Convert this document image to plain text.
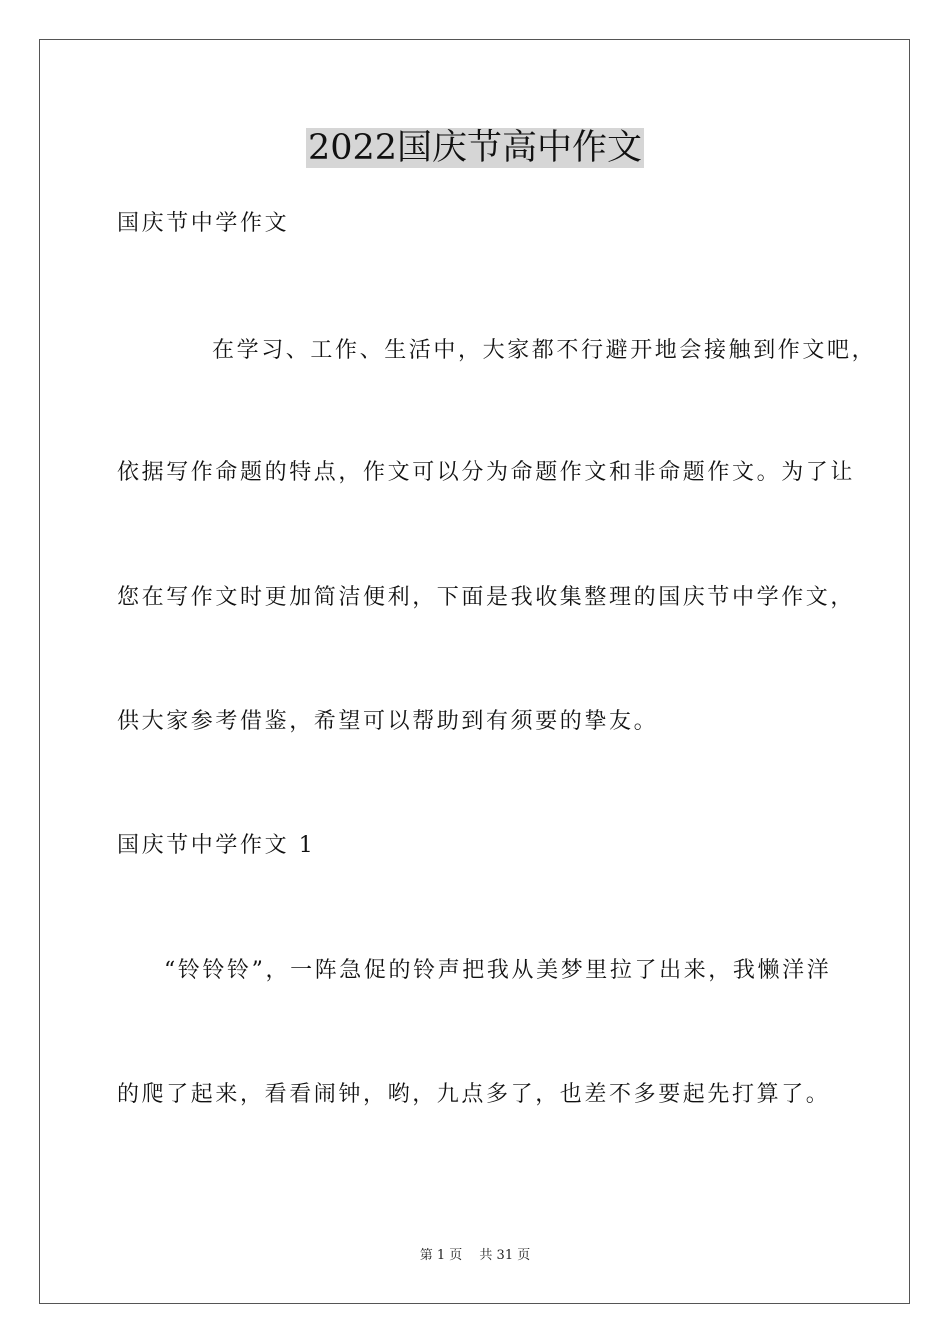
2022国庆节高中作文
国庆节中学作文
在学习、工作、生活中，大家都不行避开地会接触到作文吧，
依据写作命题的特点，作文可以分为命题作文和非命题作文。为了让
您在写作文时更加简洁便利，下面是我收集整理的国庆节中学作文，
供大家参考借鉴，希望可以帮助到有须要的挚友。
国庆节中学作文 1
“铃铃铃”，一阵急促的铃声把我从美梦里拉了出来，我懒洋洋
的爬了起来，看看闹钟，哟，九点多了，也差不多要起先打算了。
第 1 页　 共 31 页
